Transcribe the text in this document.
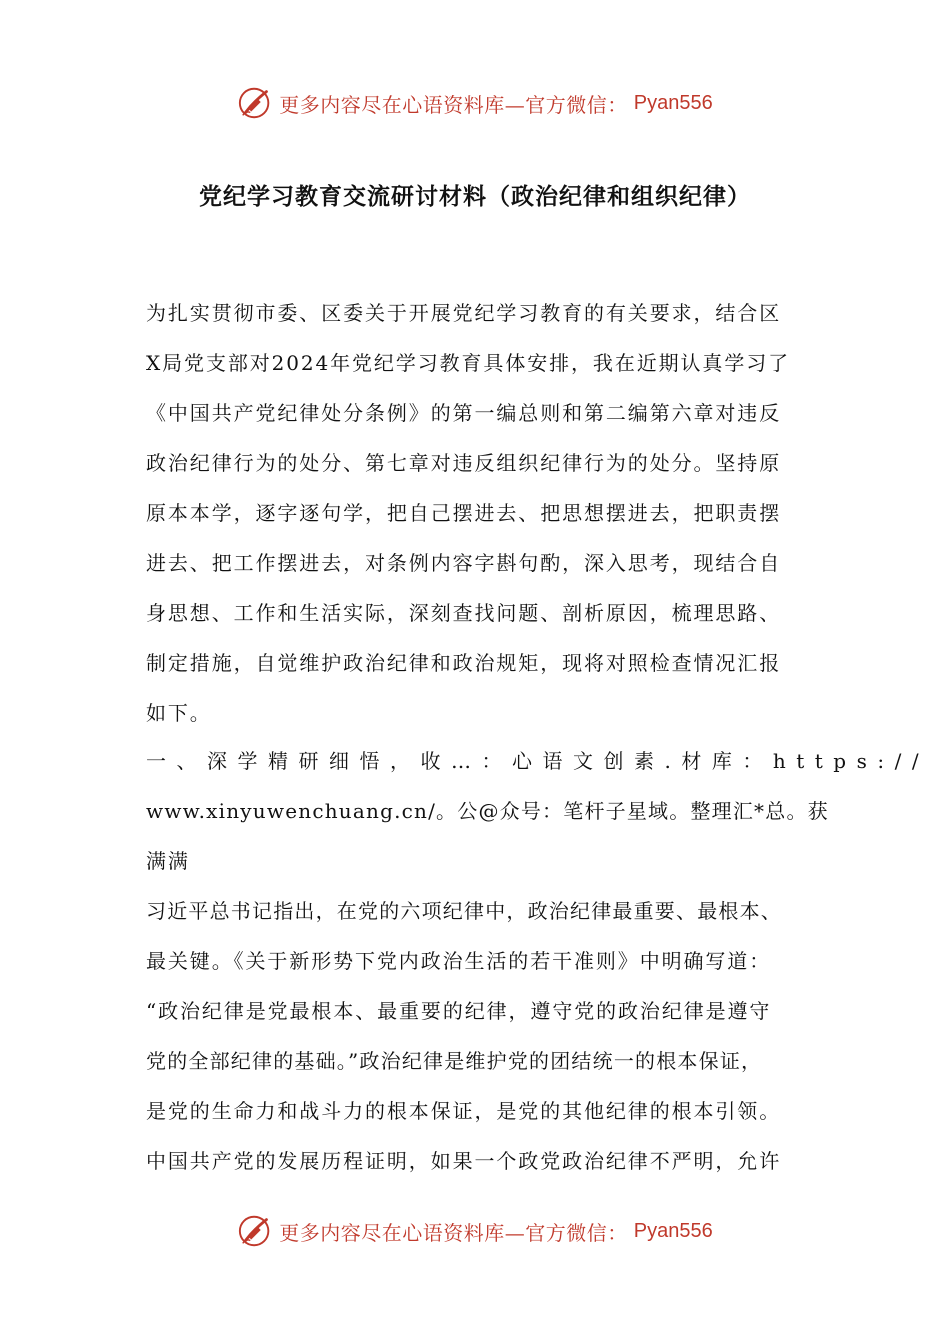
更多内容尽在心语资料库—官方微信： Pyan556
党纪学习教育交流研讨材料（政治纪律和组织纪律）
为扎实贯彻市委、区委关于开展党纪学习教育的有关要求，结合区
X局党支部对2024年党纪学习教育具体安排，我在近期认真学习了
《中国共产党纪律处分条例》的第一编总则和第二编第六章对违反
政治纪律行为的处分、第七章对违反组织纪律行为的处分。坚持原
原本本学，逐字逐句学，把自己摆进去、把思想摆进去，把职责摆
进去、把工作摆进去，对条例内容字斟句酌，深入思考，现结合自
身思想、工作和生活实际，深刻查找问题、剖析原因，梳理思路、
制定措施，自觉维护政治纪律和政治规矩，现将对照检查情况汇报
如下。
一、深学精研细悟，收…：心语文创素.材库：https://
www.xinyuwenchuang.cn/。公@众号：笔杆子星域。整理汇*总。获
满满
习近平总书记指出，在党的六项纪律中，政治纪律最重要、最根本、
最关键。《关于新形势下党内政治生活的若干准则》中明确写道：
“政治纪律是党最根本、最重要的纪律，遵守党的政治纪律是遵守
党的全部纪律的基础。”政治纪律是维护党的团结统一的根本保证，
是党的生命力和战斗力的根本保证，是党的其他纪律的根本引领。
中国共产党的发展历程证明，如果一个政党政治纪律不严明，允许
更多内容尽在心语资料库—官方微信： Pyan556
